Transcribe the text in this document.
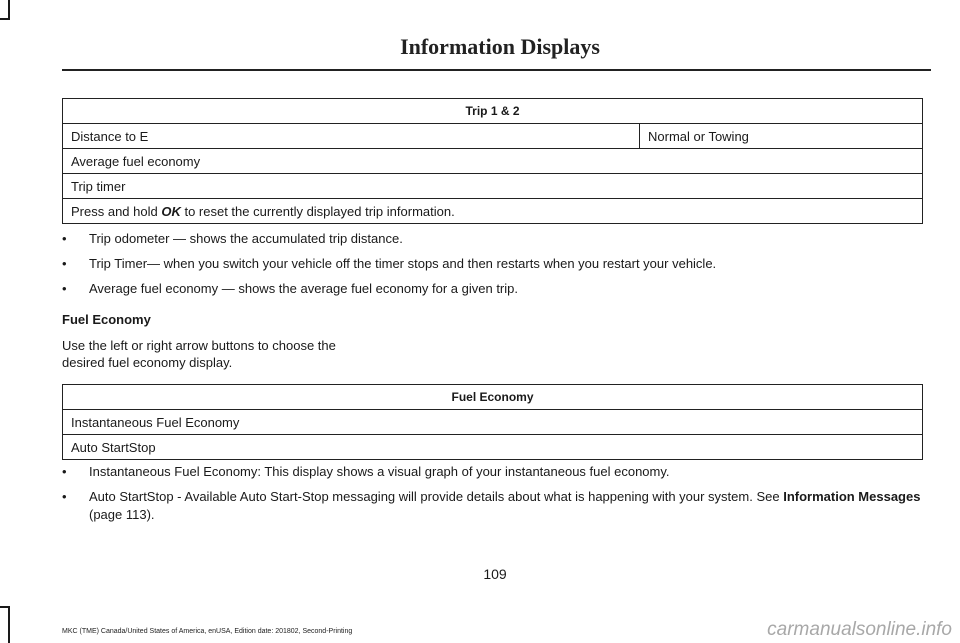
Information Displays
Trip 1 & 2
Distance to E	Normal or Towing
Average fuel economy
Trip timer
Press and hold OK to reset the currently displayed trip information.
• Trip odometer — shows the accumulated trip distance.
• Trip Timer— when you switch your vehicle off the timer stops and then restarts when you restart your vehicle.
• Average fuel economy — shows the average fuel economy for a given trip.
Fuel Economy
Use the left or right arrow buttons to choose the desired fuel economy display.
Fuel Economy
Instantaneous Fuel Economy
Auto StartStop
• Instantaneous Fuel Economy: This display shows a visual graph of your instantaneous fuel economy.
• Auto StartStop - Available Auto Start-Stop messaging will provide details about what is happening with your system. See Information Messages (page 113).
109
MKC (TME) Canada/United States of America, enUSA, Edition date: 201802, Second-Printing	carmanualsonline.info
